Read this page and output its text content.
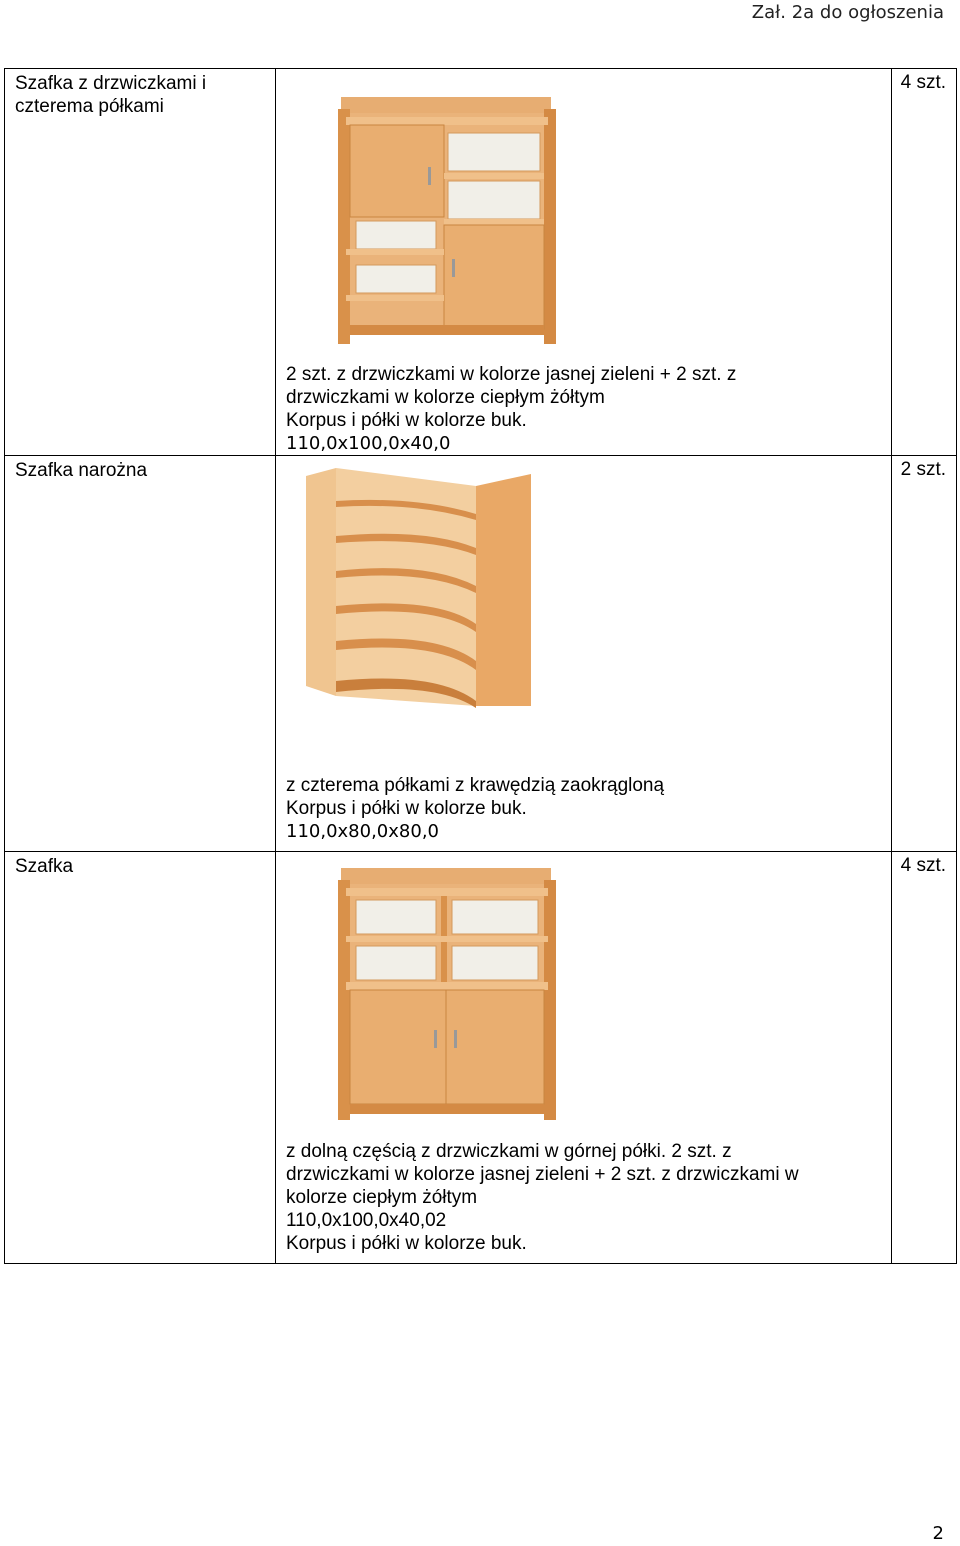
Zał. 2a do ogłoszenia
Szafka z drzwiczkami i czterema półkami	2 szt. z drzwiczkami w kolorze jasnej zieleni + 2 szt. z
drzwiczkami w kolorze ciepłym żółtym
Korpus i półki w kolorze buk.
110,0x100,0x40,0	4 szt.
Szafka narożna	z czterema półkami z krawędzią zaokrągloną
Korpus i półki w kolorze buk.
110,0x80,0x80,0	2 szt.
Szafka	z dolną częścią z drzwiczkami w górnej półki. 2 szt. z
drzwiczkami w kolorze jasnej zieleni + 2 szt. z drzwiczkami w
kolorze ciepłym żółtym
110,0x100,0x40,02
Korpus i półki w kolorze buk.	4 szt.
2
